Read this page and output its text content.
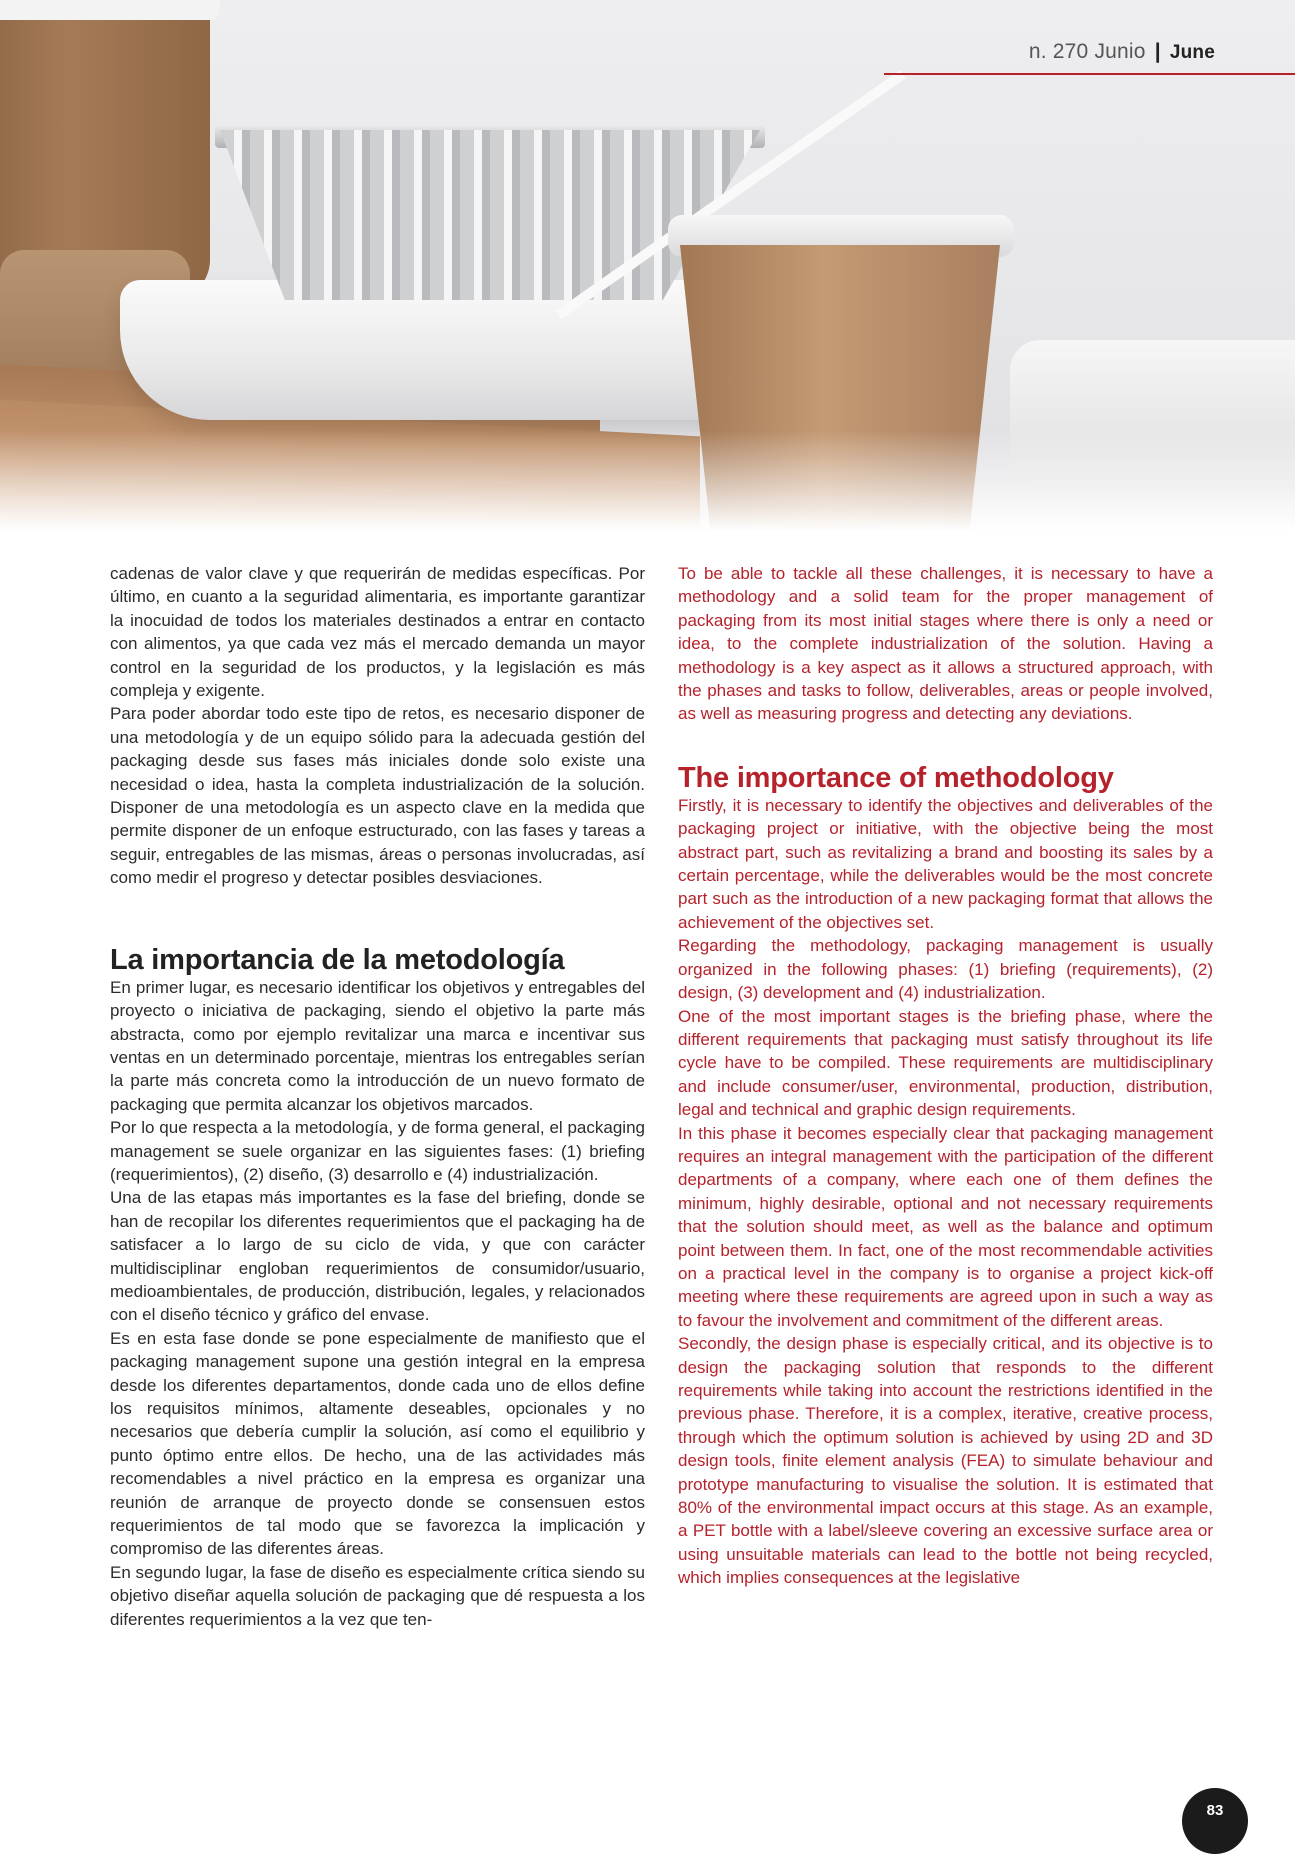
n. 270 Junio | June

cadenas de valor clave y que requerirán de medidas específicas. Por último, en cuanto a la seguridad alimentaria, es importante garantizar la inocuidad de todos los materiales destinados a entrar en contacto con alimentos, ya que cada vez más el mercado demanda un mayor control en la seguridad de los productos, y la legislación es más compleja y exigente.

Para poder abordar todo este tipo de retos, es necesario disponer de una metodología y de un equipo sólido para la adecuada gestión del packaging desde sus fases más iniciales donde solo existe una necesidad o idea, hasta la completa industrialización de la solución. Disponer de una metodología es un aspecto clave en la medida que permite disponer de un enfoque estructurado, con las fases y tareas a seguir, entregables de las mismas, áreas o personas involucradas, así como medir el progreso y detectar posibles desviaciones.

La importancia de la metodología

En primer lugar, es necesario identificar los objetivos y entregables del proyecto o iniciativa de packaging, siendo el objetivo la parte más abstracta, como por ejemplo revitalizar una marca e incentivar sus ventas en un determinado porcentaje, mientras los entregables serían la parte más concreta como la introducción de un nuevo formato de packaging que permita alcanzar los objetivos marcados.

Por lo que respecta a la metodología, y de forma general, el packaging management se suele organizar en las siguientes fases: (1) briefing (requerimientos), (2) diseño, (3) desarrollo e (4) industrialización.

Una de las etapas más importantes es la fase del briefing, donde se han de recopilar los diferentes requerimientos que el packaging ha de satisfacer a lo largo de su ciclo de vida, y que con carácter multidisciplinar engloban requerimientos de consumidor/usuario, medioambientales, de producción, distribución, legales, y relacionados con el diseño técnico y gráfico del envase.

Es en esta fase donde se pone especialmente de manifiesto que el packaging management supone una gestión integral en la empresa desde los diferentes departamentos, donde cada uno de ellos define los requisitos mínimos, altamente deseables, opcionales y no necesarios que debería cumplir la solución, así como el equilibrio y punto óptimo entre ellos. De hecho, una de las actividades más recomendables a nivel práctico en la empresa es organizar una reunión de arranque de proyecto donde se consensuen estos requerimientos de tal modo que se favorezca la implicación y compromiso de las diferentes áreas.

En segundo lugar, la fase de diseño es especialmente crítica siendo su objetivo diseñar aquella solución de packaging que dé respuesta a los diferentes requerimientos a la vez que ten-

To be able to tackle all these challenges, it is necessary to have a methodology and a solid team for the proper management of packaging from its most initial stages where there is only a need or idea, to the complete industrialization of the solution. Having a methodology is a key aspect as it allows a structured approach, with the phases and tasks to follow, deliverables, areas or people involved, as well as measuring progress and detecting any deviations.

The importance of methodology

Firstly, it is necessary to identify the objectives and deliverables of the packaging project or initiative, with the objective being the most abstract part, such as revitalizing a brand and boosting its sales by a certain percentage, while the deliverables would be the most concrete part such as the introduction of a new packaging format that allows the achievement of the objectives set.

Regarding the methodology, packaging management is usually organized in the following phases: (1) briefing (requirements), (2) design, (3) development and (4) industrialization.

One of the most important stages is the briefing phase, where the different requirements that packaging must satisfy throughout its life cycle have to be compiled. These requirements are multidisciplinary and include consumer/user, environmental, production, distribution, legal and technical and graphic design requirements.

In this phase it becomes especially clear that packaging management requires an integral management with the participation of the different departments of a company, where each one of them defines the minimum, highly desirable, optional and not necessary requirements that the solution should meet, as well as the balance and optimum point between them. In fact, one of the most recommendable activities on a practical level in the company is to organise a project kick-off meeting where these requirements are agreed upon in such a way as to favour the involvement and commitment of the different areas.

Secondly, the design phase is especially critical, and its objective is to design the packaging solution that responds to the different requirements while taking into account the restrictions identified in the previous phase. Therefore, it is a complex, iterative, creative process, through which the optimum solution is achieved by using 2D and 3D design tools, finite element analysis (FEA) to simulate behaviour and prototype manufacturing to visualise the solution. It is estimated that 80% of the environmental impact occurs at this stage. As an example, a PET bottle with a label/sleeve covering an excessive surface area or using unsuitable materials can lead to the bottle not being recycled, which implies consequences at the legislative

83
